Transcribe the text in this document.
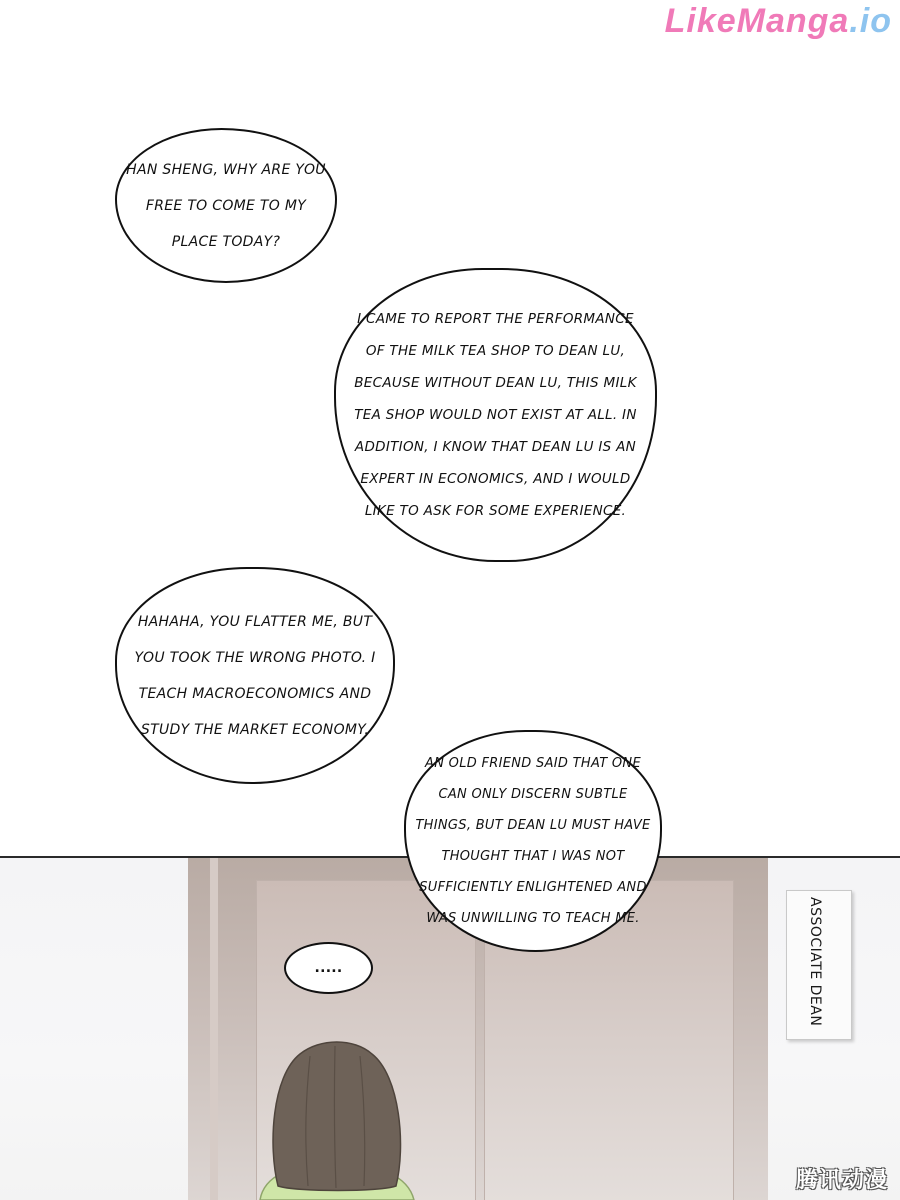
LikeManga.io
ASSOCIATE DEAN
HAN SHENG, WHY ARE YOU FREE TO COME TO MY PLACE TODAY?
I CAME TO REPORT THE PERFORMANCE OF THE MILK TEA SHOP TO DEAN LU, BECAUSE WITHOUT DEAN LU, THIS MILK TEA SHOP WOULD NOT EXIST AT ALL. IN ADDITION, I KNOW THAT DEAN LU IS AN EXPERT IN ECONOMICS, AND I WOULD LIKE TO ASK FOR SOME EXPERIENCE.
HAHAHA, YOU FLATTER ME, BUT YOU TOOK THE WRONG PHOTO. I TEACH MACROECONOMICS AND STUDY THE MARKET ECONOMY.
AN OLD FRIEND SAID THAT ONE CAN ONLY DISCERN SUBTLE THINGS, BUT DEAN LU MUST HAVE THOUGHT THAT I WAS NOT SUFFICIENTLY ENLIGHTENED AND WAS UNWILLING TO TEACH ME.
.....
腾讯动漫
